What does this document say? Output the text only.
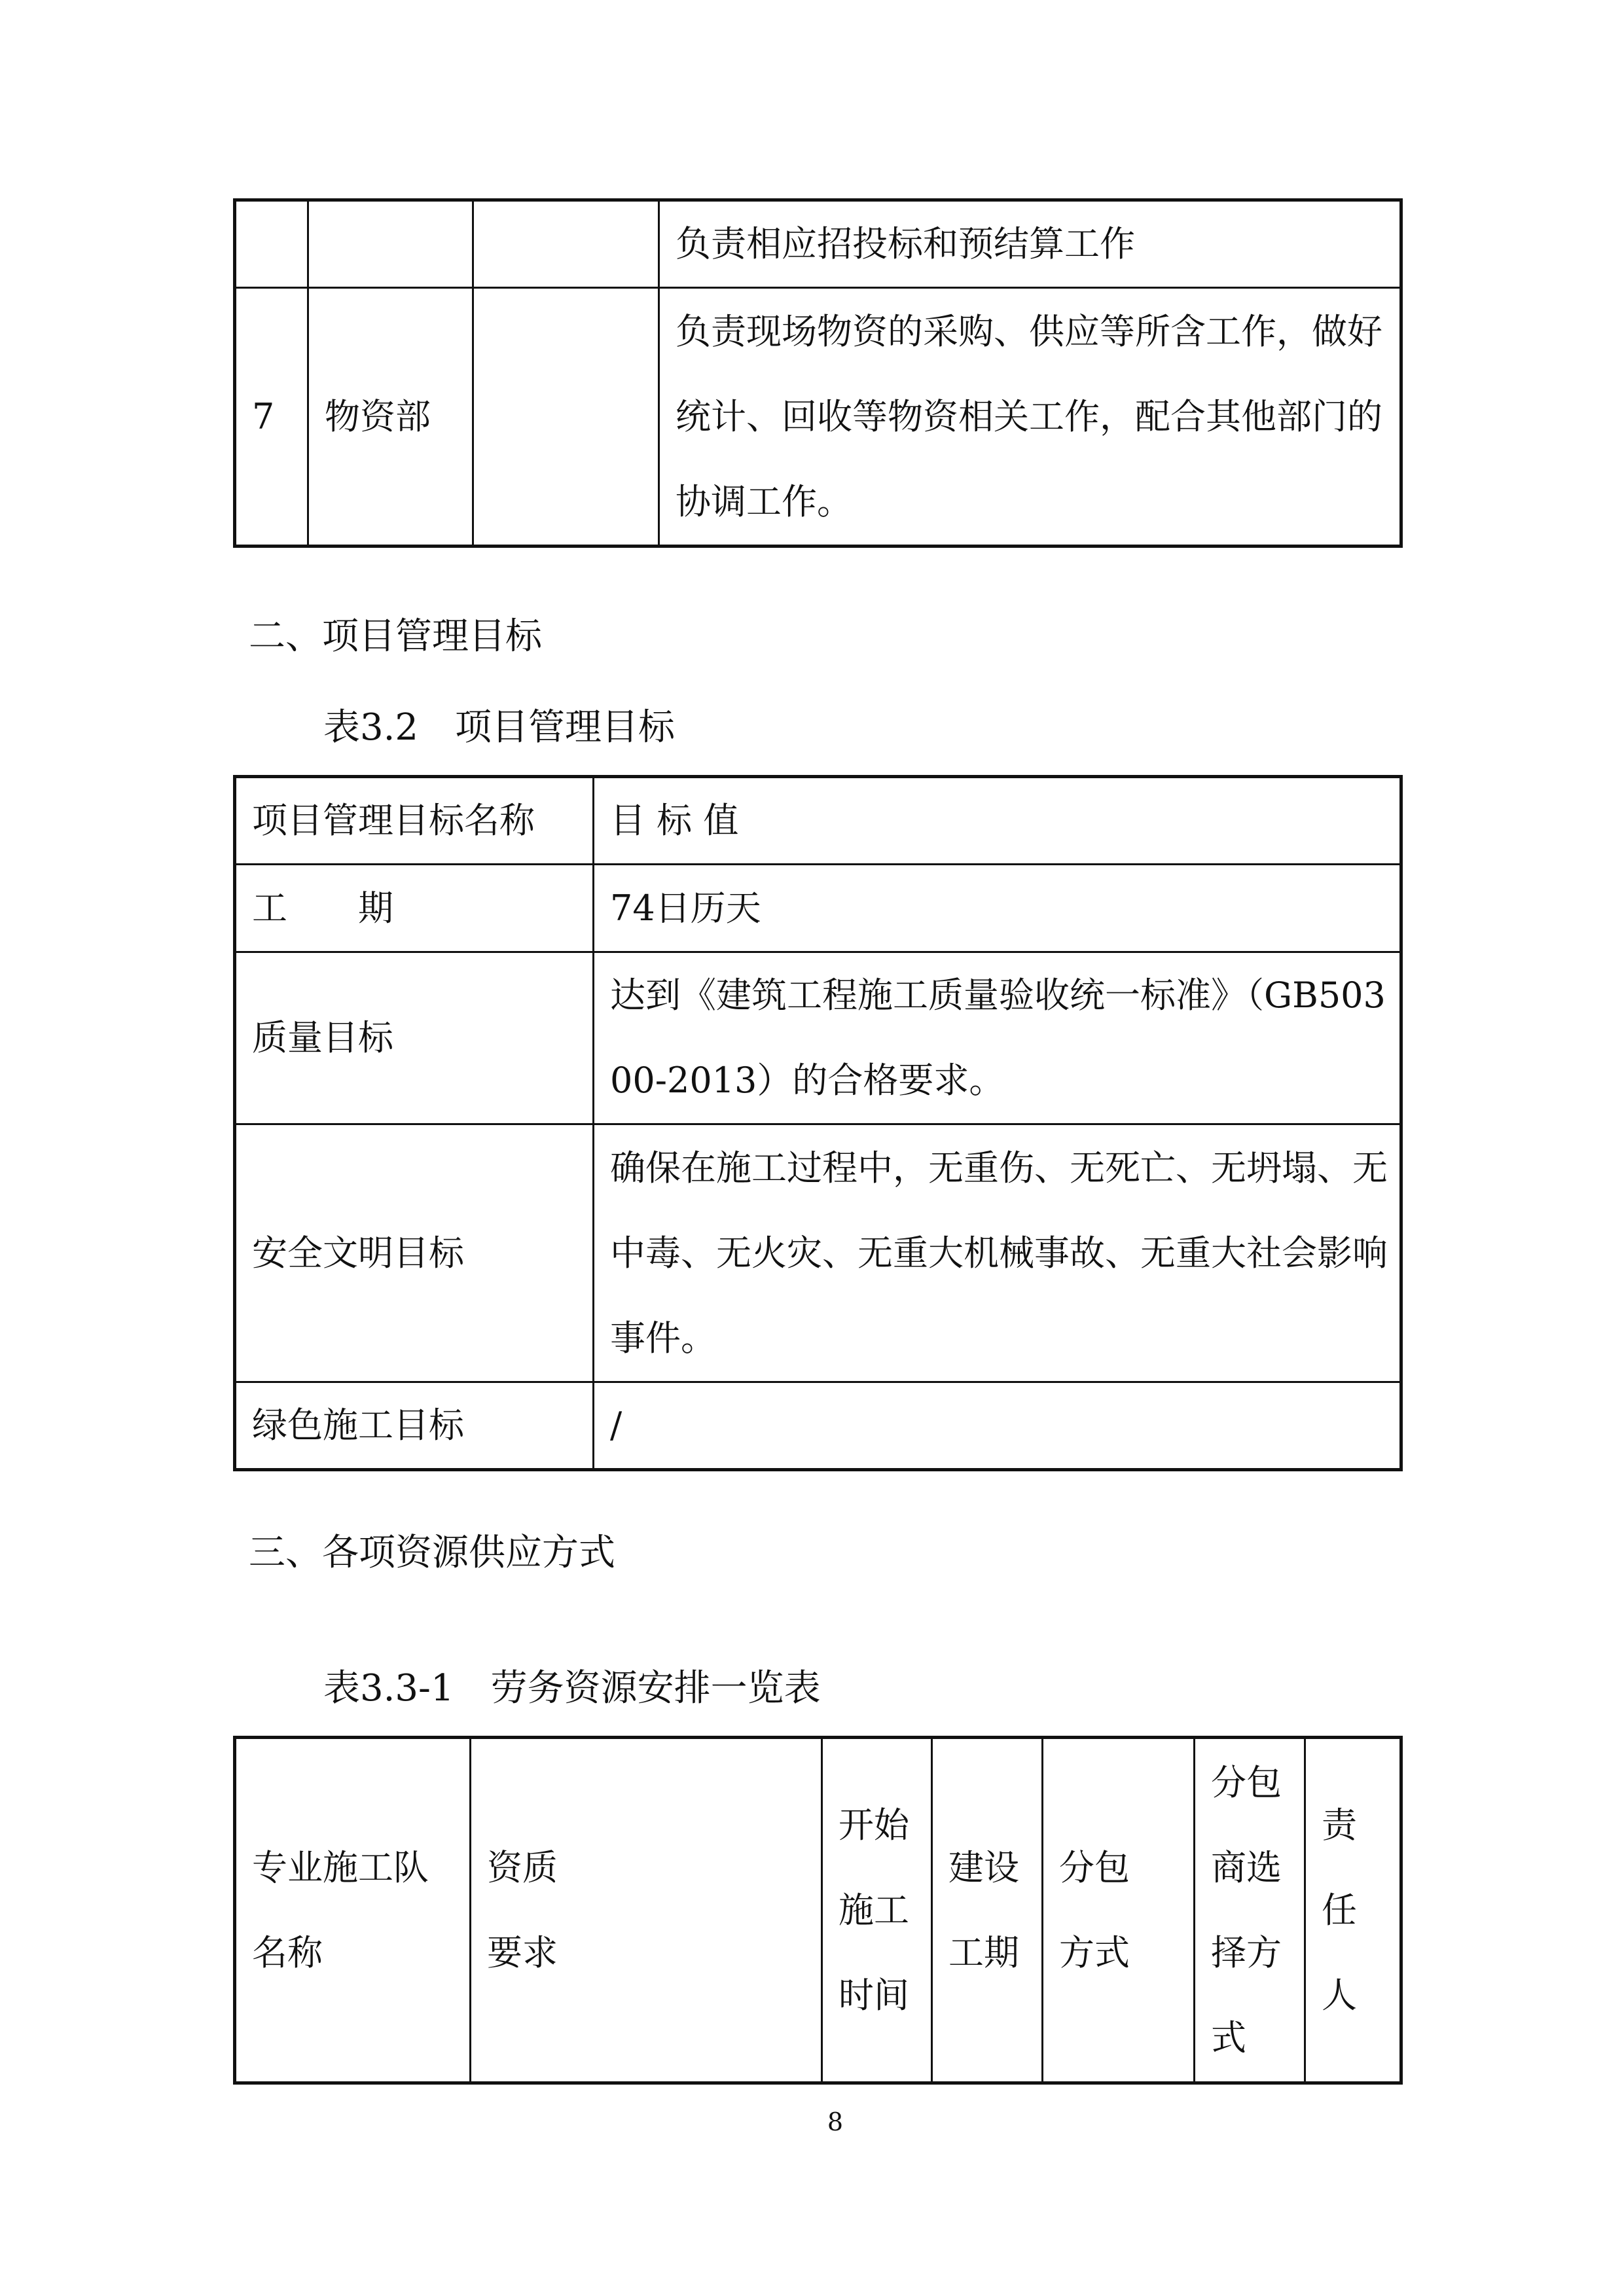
			负责相应招投标和预结算工作
7	物资部		负责现场物资的采购、供应等所含工作，做好统计、回收等物资相关工作，配合其他部门的协调工作。
二、项目管理目标
表3.2　项目管理目标
项目管理目标名称	目 标 值
工　　期	74日历天
质量目标	达到《建筑工程施工质量验收统一标准》（GB50300-2013）的合格要求。
安全文明目标	确保在施工过程中，无重伤、无死亡、无坍塌、无中毒、无火灾、无重大机械事故、无重大社会影响事件。
绿色施工目标	/
三、各项资源供应方式
表3.3-1　劳务资源安排一览表
专业施工队名称	资质要求	开始施工时间	建设工期	分包方式	分包商选择方式	责任人
8
